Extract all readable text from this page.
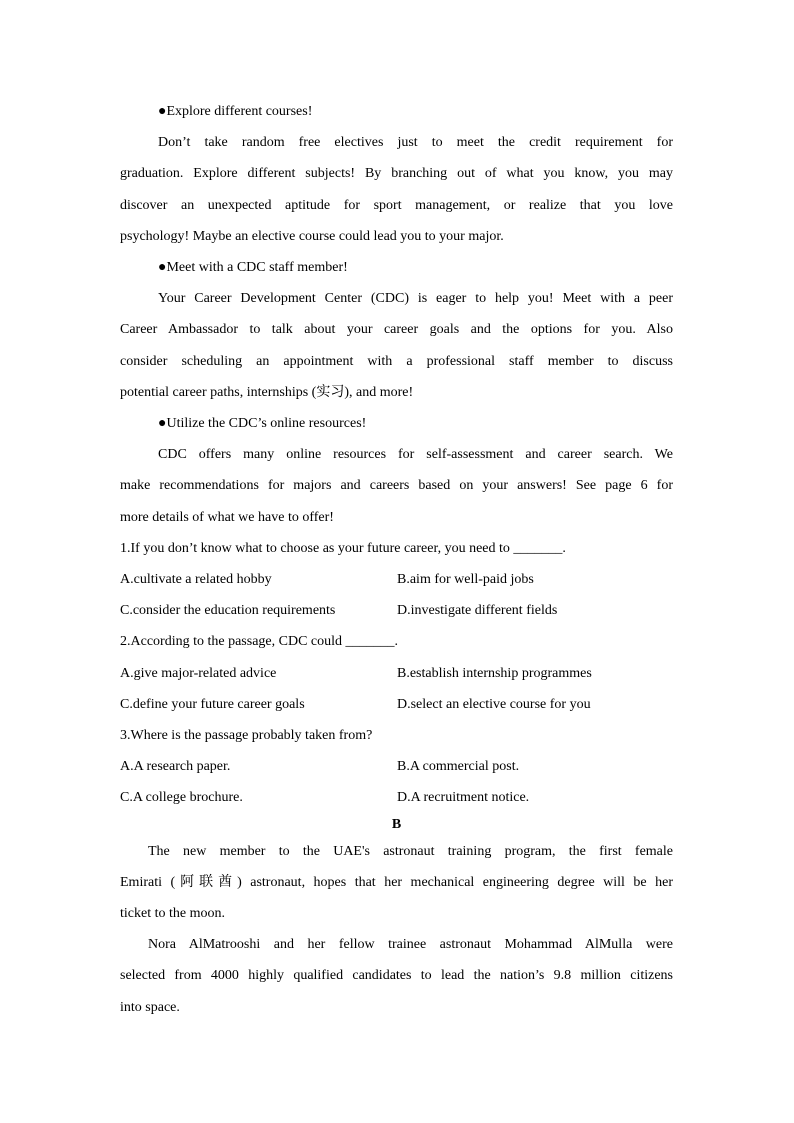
●Explore different courses!
Don’t take random free electives just to meet the credit requirement for
graduation. Explore different subjects! By branching out of what you know, you may
discover an unexpected aptitude for sport management, or realize that you love
psychology! Maybe an elective course could lead you to your major.
●Meet with a CDC staff member!
Your Career Development Center (CDC) is eager to help you! Meet with a peer
Career Ambassador to talk about your career goals and the options for you. Also
consider scheduling an appointment with a professional staff member to discuss
potential career paths, internships (实习), and more!
●Utilize the CDC’s online resources!
CDC offers many online resources for self-assessment and career search. We
make recommendations for majors and careers based on your answers! See page 6 for
more details of what we have to offer!
1.If you don’t know what to choose as your future career, you need to _______.
A.cultivate a related hobby	B.aim for well-paid jobs
C.consider the education requirements	D.investigate different fields
2.According to the passage, CDC could _______.
A.give major-related advice	B.establish internship programmes
C.define your future career goals	D.select an elective course for you
3.Where is the passage probably taken from?
A.A research paper.	B.A commercial post.
C.A college brochure.	D.A recruitment notice.
B
The new member to the UAE's astronaut training program, the first female
Emirati (阿联酋) astronaut, hopes that her mechanical engineering degree will be her
ticket to the moon.
Nora AlMatrooshi and her fellow trainee astronaut Mohammad AlMulla were
selected from 4000 highly qualified candidates to lead the nation’s 9.8 million citizens
into space.
